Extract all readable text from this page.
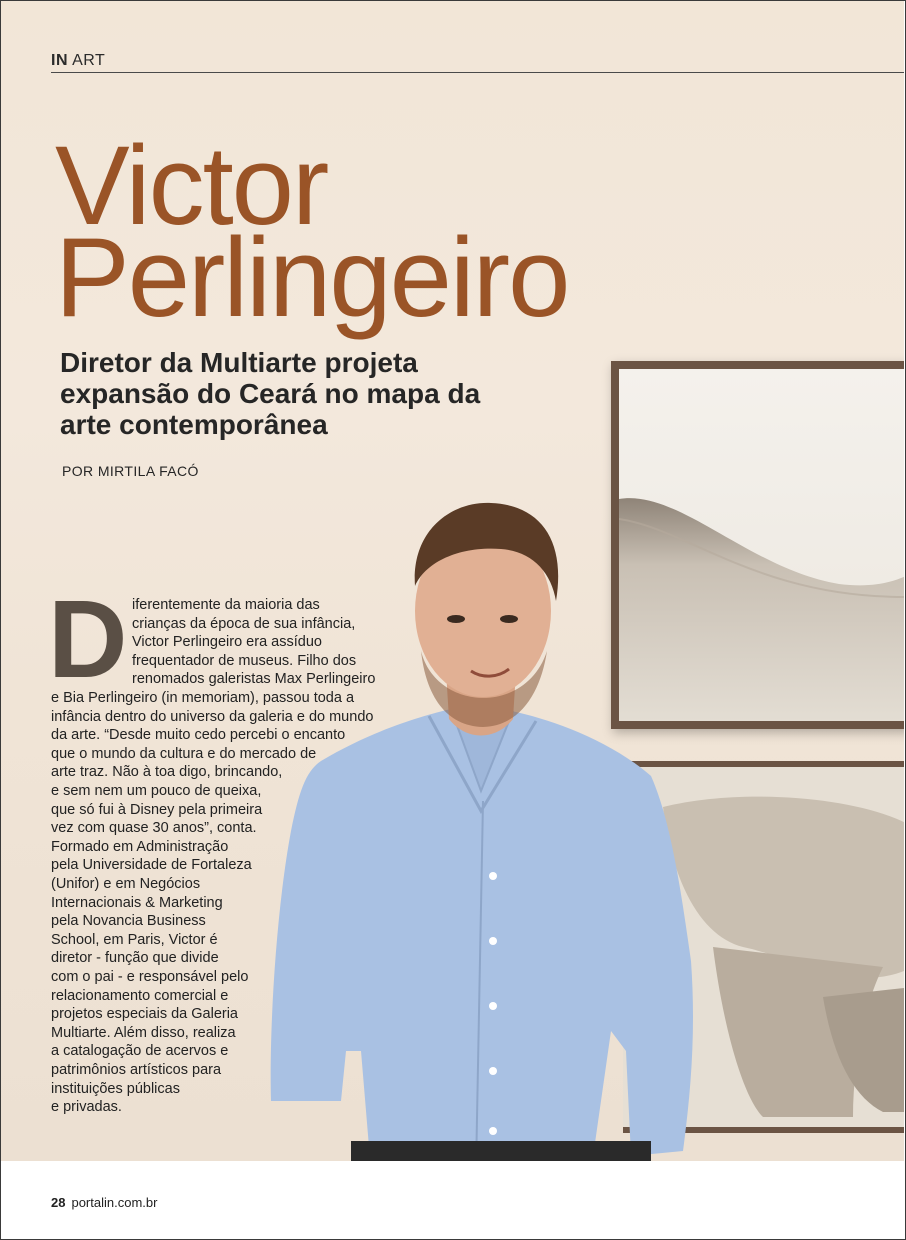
IN ART
Victor
Perlingeiro
Diretor da Multiarte projeta expansão do Ceará no mapa da arte contemporânea
POR MIRTILA FACÓ
D iferentemente da maioria das
crianças da época de sua infância,
Victor Perlingeiro era assíduo
frequentador de museus. Filho dos
renomados galeristas Max Perlingeiro
e Bia Perlingeiro (in memoriam), passou toda a
infância dentro do universo da galeria e do mundo
da arte. “Desde muito cedo percebi o encanto
que o mundo da cultura e do mercado de
arte traz. Não à toa digo, brincando,
e sem nem um pouco de queixa,
que só fui à Disney pela primeira
vez com quase 30 anos”, conta.
Formado em Administração
pela Universidade de Fortaleza
(Unifor) e em Negócios
Internacionais & Marketing
pela Novancia Business
School, em Paris, Victor é
diretor - função que divide
com o pai - e responsável pelo
relacionamento comercial e
projetos especiais da Galeria
Multiarte. Além disso, realiza
a catalogação de acervos e
patrimônios artísticos para
instituições públicas
e privadas.
28 portalin.com.br
